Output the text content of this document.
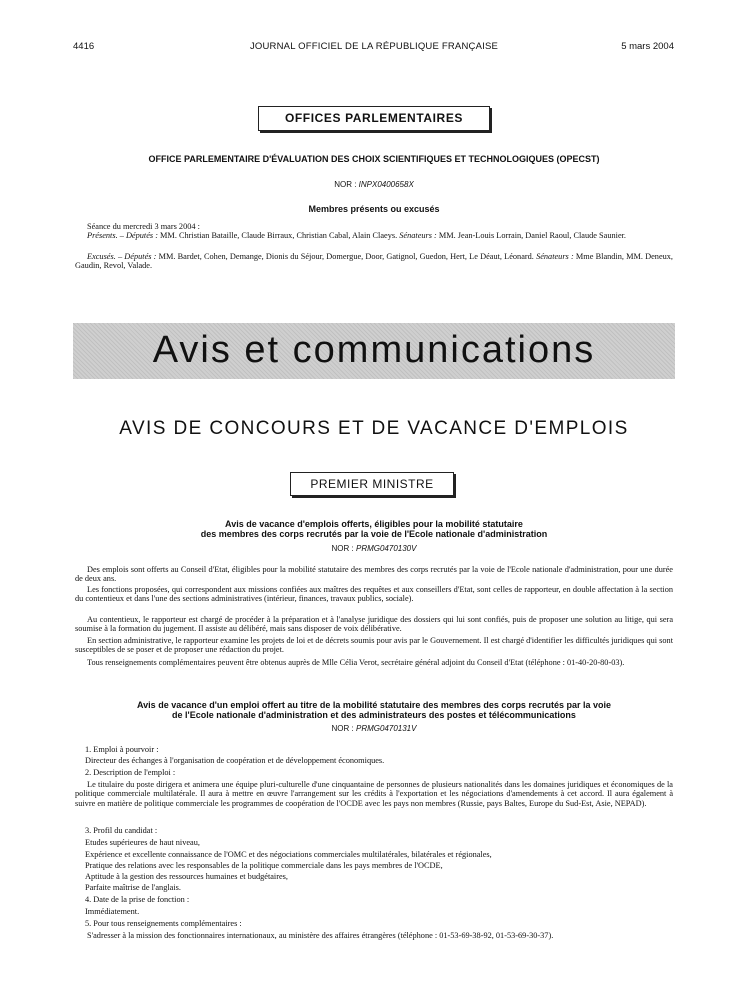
4416	JOURNAL OFFICIEL DE LA RÉPUBLIQUE FRANÇAISE	5 mars 2004
OFFICES PARLEMENTAIRES
OFFICE PARLEMENTAIRE D'ÉVALUATION DES CHOIX SCIENTIFIQUES ET TECHNOLOGIQUES (OPECST)
NOR : INPX0400658X
Membres présents ou excusés
Séance du mercredi 3 mars 2004 :
Présents. – Députés : MM. Christian Bataille, Claude Birraux, Christian Cabal, Alain Claeys. Sénateurs : MM. Jean-Louis Lorrain, Daniel Raoul, Claude Saunier.
Excusés. – Députés : MM. Bardet, Cohen, Demange, Dionis du Séjour, Domergue, Door, Gatignol, Guedon, Hert, Le Déaut, Léonard. Sénateurs : Mme Blandin, MM. Deneux, Gaudin, Revol, Valade.
Avis et communications
AVIS DE CONCOURS ET DE VACANCE D'EMPLOIS
PREMIER MINISTRE
Avis de vacance d'emplois offerts, éligibles pour la mobilité statutaire
des membres des corps recrutés par la voie de l'Ecole nationale d'administration
NOR : PRMG0470130V
Des emplois sont offerts au Conseil d'Etat, éligibles pour la mobilité statutaire des membres des corps recrutés par la voie de l'Ecole nationale d'administration, pour une durée de deux ans.
Les fonctions proposées, qui correspondent aux missions confiées aux maîtres des requêtes et aux conseillers d'Etat, sont celles de rapporteur, en double affectation à la section du contentieux et dans l'une des sections administratives (intérieur, finances, travaux publics, sociale).
Au contentieux, le rapporteur est chargé de procéder à la préparation et à l'analyse juridique des dossiers qui lui sont confiés, puis de proposer une solution au litige, qui sera soumise à la formation du jugement. Il assiste au délibéré, mais sans disposer de voix délibérative.
En section administrative, le rapporteur examine les projets de loi et de décrets soumis pour avis par le Gouvernement. Il est chargé d'identifier les difficultés juridiques qui sont susceptibles de se poser et de proposer une rédaction du projet.
Tous renseignements complémentaires peuvent être obtenus auprès de Mlle Célia Verot, secrétaire général adjoint du Conseil d'Etat (téléphone : 01-40-20-80-03).
Avis de vacance d'un emploi offert au titre de la mobilité statutaire des membres des corps recrutés par la voie
de l'Ecole nationale d'administration et des administrateurs des postes et télécommunications
NOR : PRMG0470131V
1. Emploi à pourvoir :
Directeur des échanges à l'organisation de coopération et de développement économiques.
2. Description de l'emploi :
Le titulaire du poste dirigera et animera une équipe pluri-culturelle d'une cinquantaine de personnes de plusieurs nationalités dans les domaines juridiques et économiques de la politique commerciale multilatérale. Il aura à mettre en œuvre l'arrangement sur les crédits à l'exportation et les négociations d'amendements à cet accord. Il aura également à suivre en matière de politique commerciale les programmes de coopération de l'OCDE avec les pays non membres (Russie, pays Baltes, Europe du Sud-Est, Asie, NEPAD).
3. Profil du candidat :
Etudes supérieures de haut niveau,
Expérience et excellente connaissance de l'OMC et des négociations commerciales multilatérales, bilatérales et régionales,
Pratique des relations avec les responsables de la politique commerciale dans les pays membres de l'OCDE,
Aptitude à la gestion des ressources humaines et budgétaires,
Parfaite maîtrise de l'anglais.
4. Date de la prise de fonction :
Immédiatement.
5. Pour tous renseignements complémentaires :
S'adresser à la mission des fonctionnaires internationaux, au ministère des affaires étrangères (téléphone : 01-53-69-38-92, 01-53-69-30-37).
